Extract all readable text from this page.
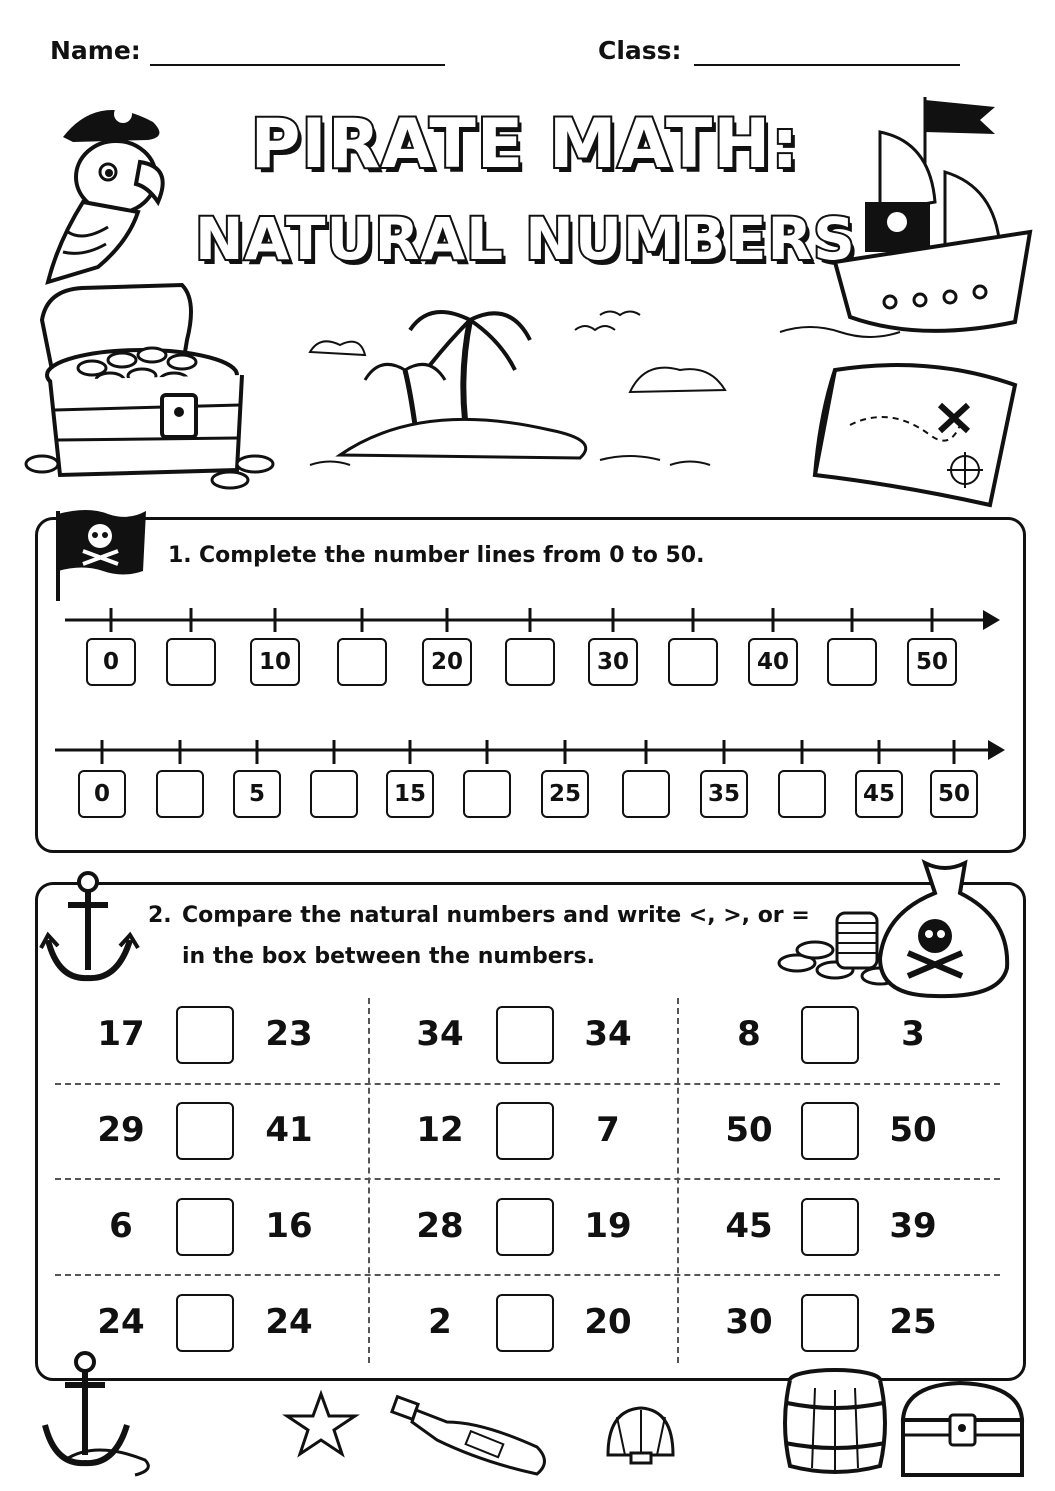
Name:	Class:
PIRATE MATH:
NATURAL NUMBERS
1. Complete the number lines from 0 to 50.
0	10	20	30	40	50
0	5	15	25	35	45	50
2. Compare the natural numbers and write <, >, or =
in the box between the numbers.
17	23	34	34	8	3
29	41	12	7	50	50
6	16	28	19	45	39
24	24	2	20	30	25
